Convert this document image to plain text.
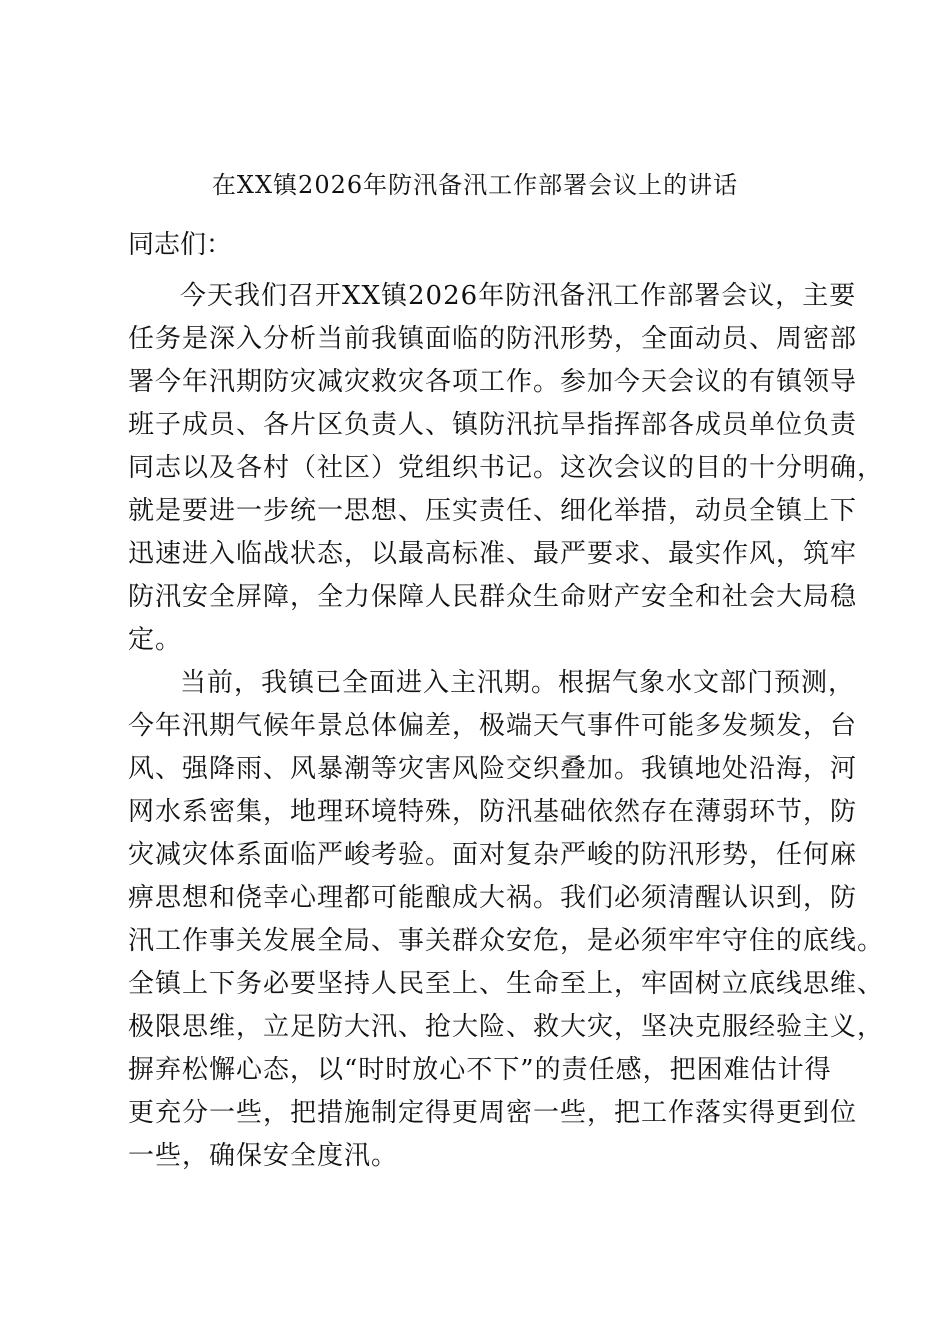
在XX镇2026年防汛备汛工作部署会议上的讲话
同志们：
今天我们召开XX镇2026年防汛备汛工作部署会议，主要
任务是深入分析当前我镇面临的防汛形势，全面动员、周密部
署今年汛期防灾减灾救灾各项工作。参加今天会议的有镇领导
班子成员、各片区负责人、镇防汛抗旱指挥部各成员单位负责
同志以及各村（社区）党组织书记。这次会议的目的十分明确，
就是要进一步统一思想、压实责任、细化举措，动员全镇上下
迅速进入临战状态，以最高标准、最严要求、最实作风，筑牢
防汛安全屏障，全力保障人民群众生命财产安全和社会大局稳
定。
当前，我镇已全面进入主汛期。根据气象水文部门预测，
今年汛期气候年景总体偏差，极端天气事件可能多发频发，台
风、强降雨、风暴潮等灾害风险交织叠加。我镇地处沿海，河
网水系密集，地理环境特殊，防汛基础依然存在薄弱环节，防
灾减灾体系面临严峻考验。面对复杂严峻的防汛形势，任何麻
痹思想和侥幸心理都可能酿成大祸。我们必须清醒认识到，防
汛工作事关发展全局、事关群众安危，是必须牢牢守住的底线。
全镇上下务必要坚持人民至上、生命至上，牢固树立底线思维、
极限思维，立足防大汛、抢大险、救大灾，坚决克服经验主义，
摒弃松懈心态，以“时时放心不下”的责任感，把困难估计得
更充分一些，把措施制定得更周密一些，把工作落实得更到位
一些，确保安全度汛。
